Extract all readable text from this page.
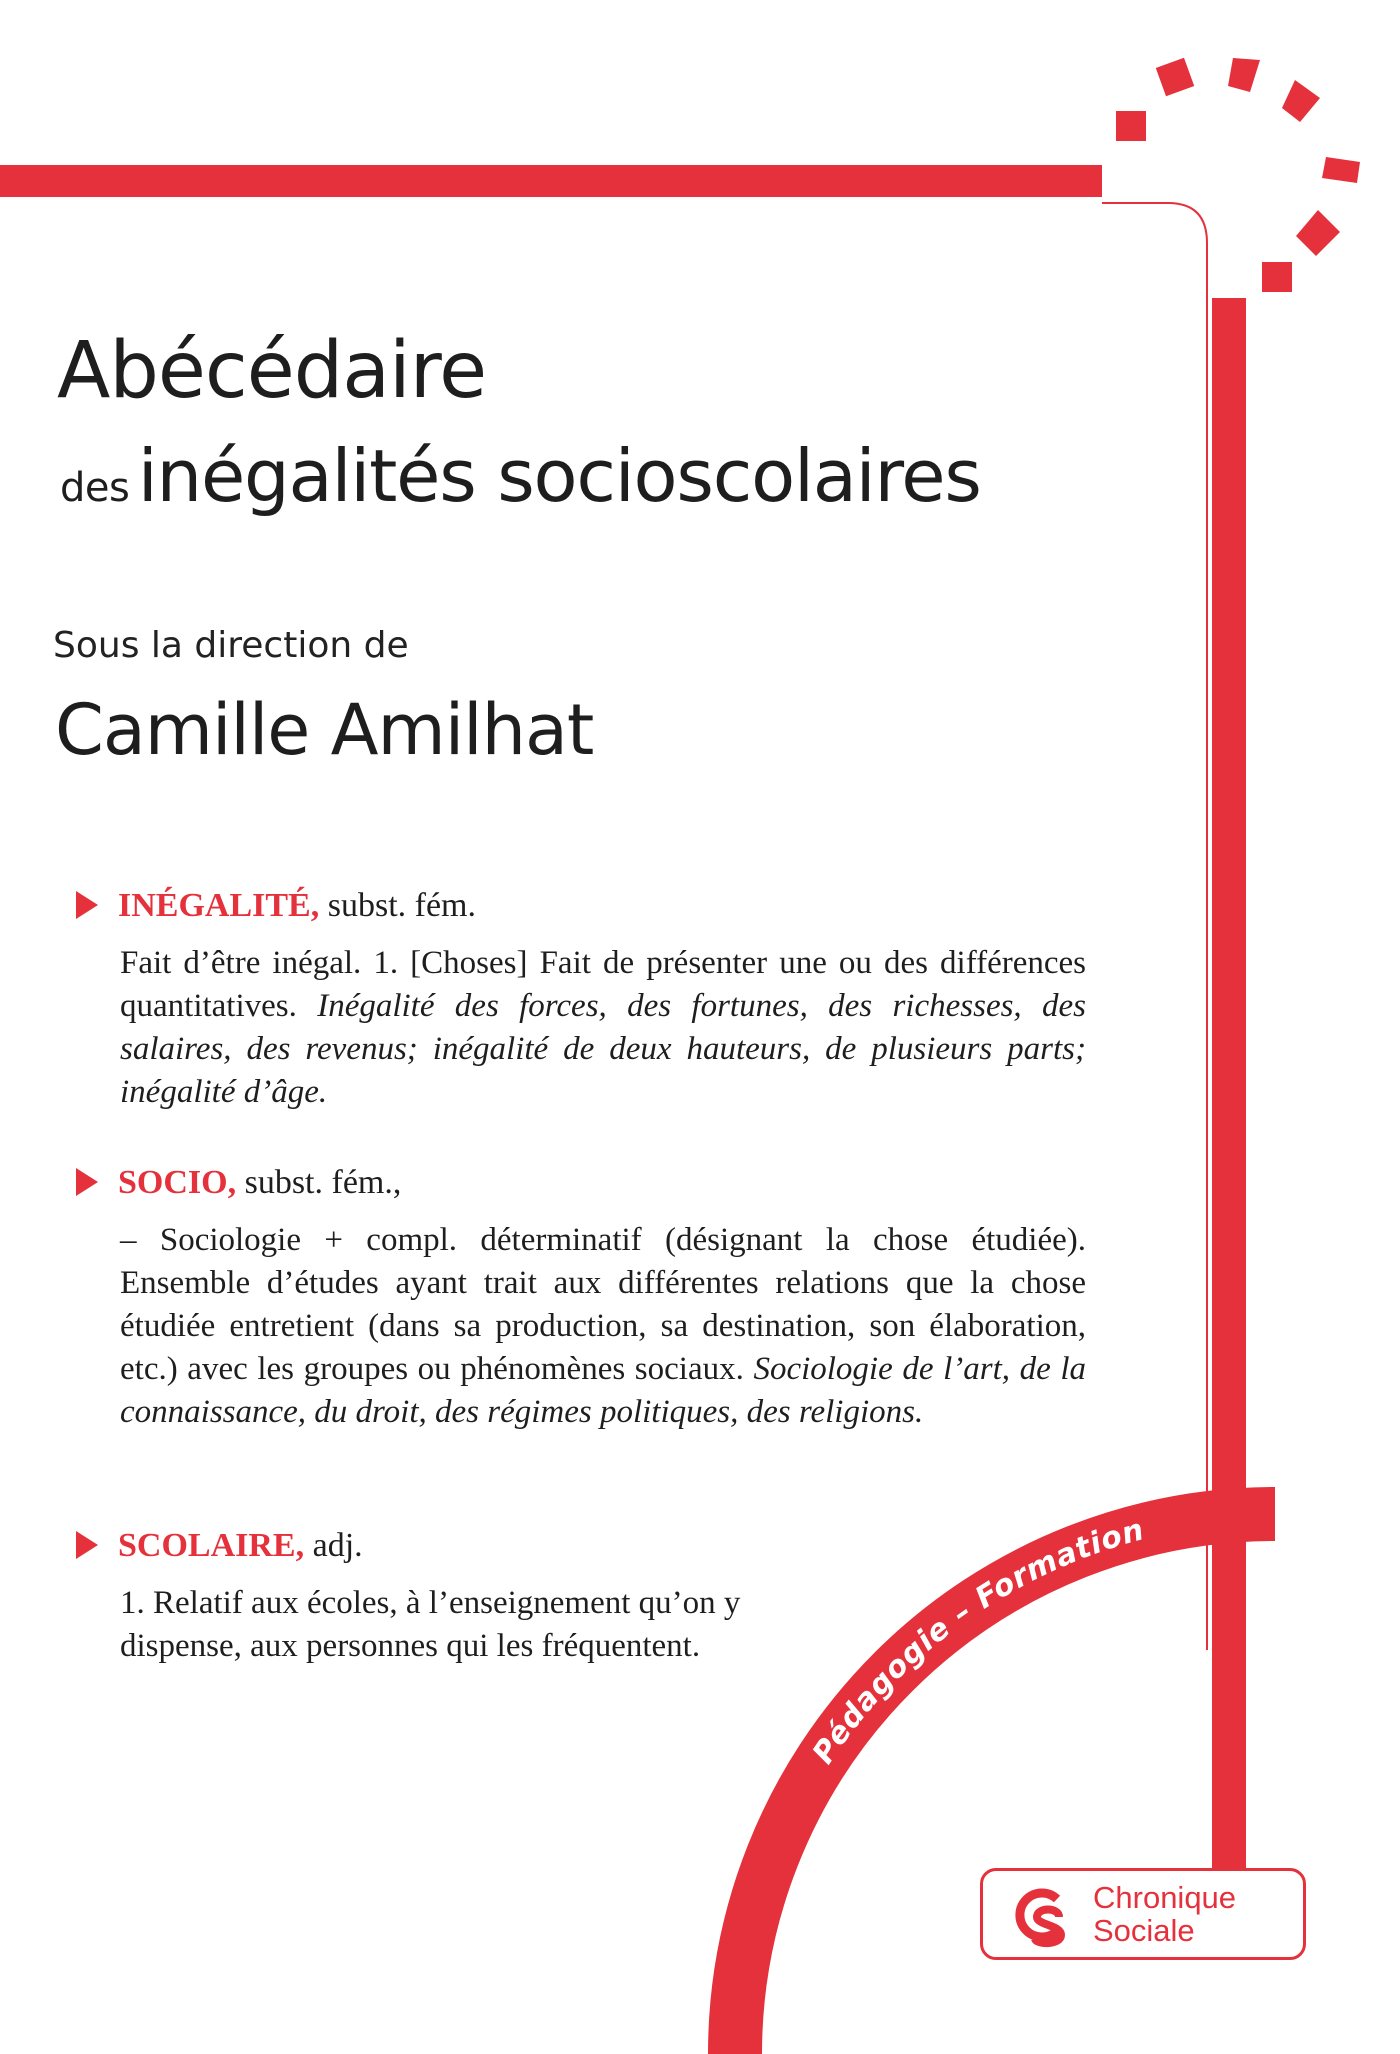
Pédagogie – Formation
Abécédaire
des inégalités socioscolaires
Sous la direction de
Camille Amilhat
INÉGALITÉ, subst. fém.

Fait d’être inégal. 1. [Choses] Fait de présenter une ou des différences quantitatives. Inégalité des forces, des fortunes, des richesses, des salaires, des revenus; inégalité de deux hauteurs, de plusieurs parts; inégalité d’âge.

SOCIO, subst. fém.,

– Sociologie + compl. déterminatif (désignant la chose étudiée). Ensemble d’études ayant trait aux différentes relations que la chose étudiée entretient (dans sa production, sa destination, son élaboration, etc.) avec les groupes ou phénomènes sociaux. Sociologie de l’art, de la connaissance, du droit, des régimes politiques, des religions.

SCOLAIRE, adj.

1. Relatif aux écoles, à l’enseignement qu’on y
dispense, aux personnes qui les fréquentent.

Chronique
Sociale
